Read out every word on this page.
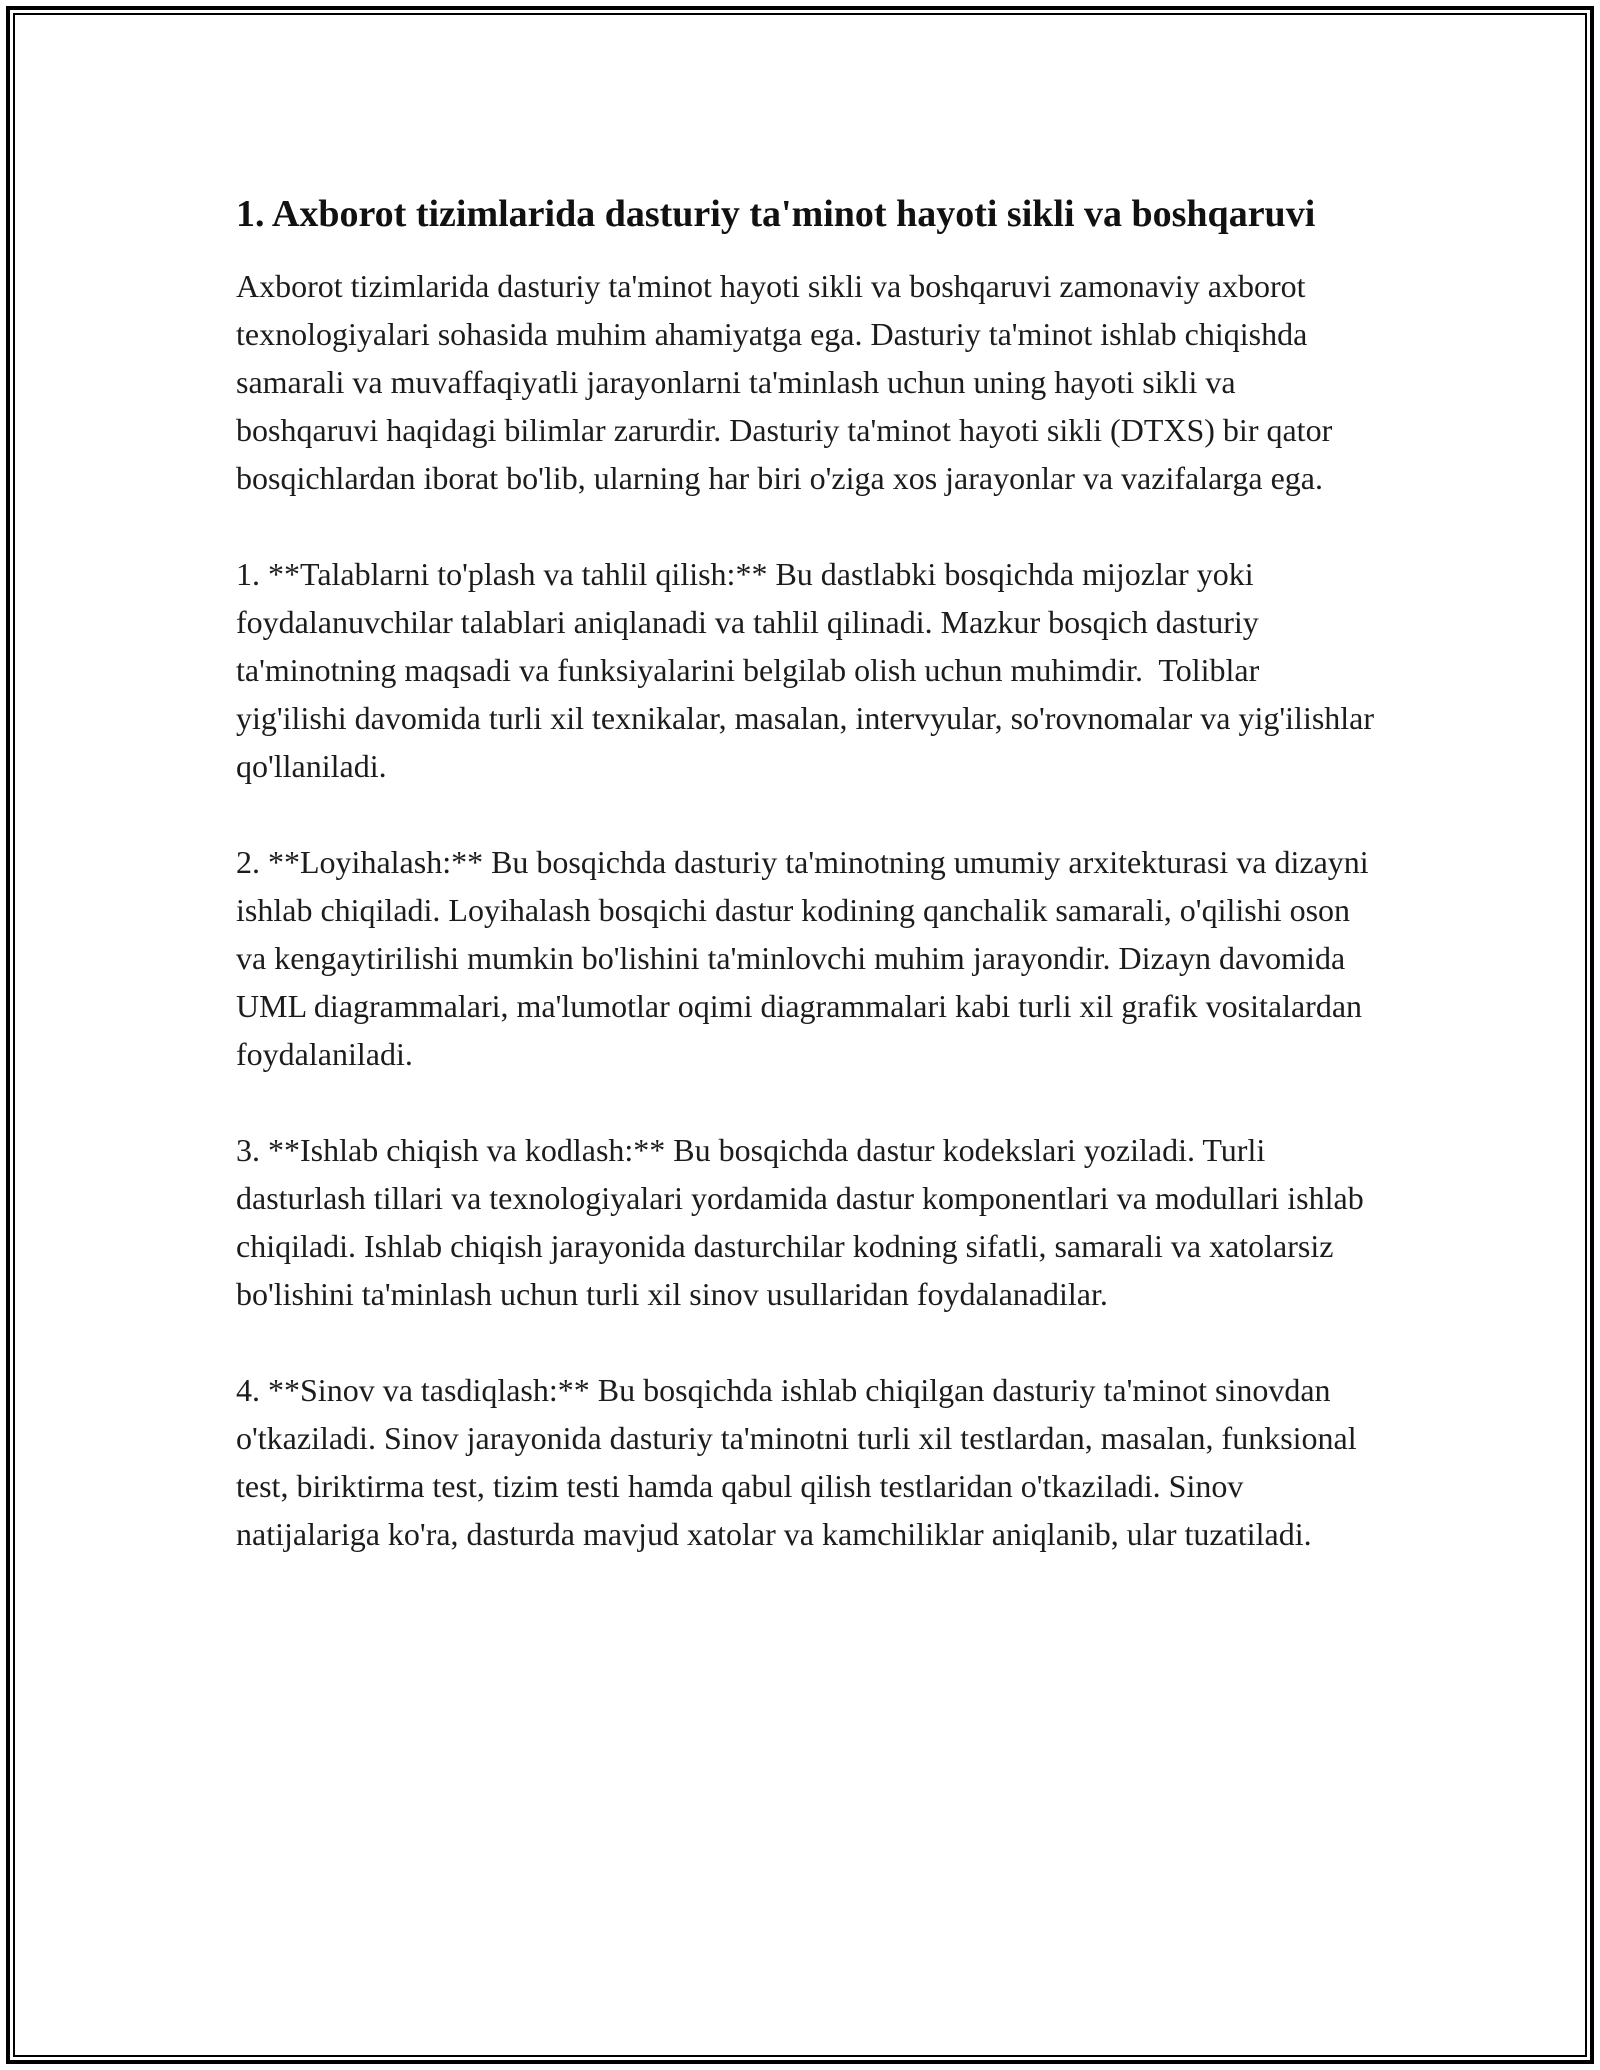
1. Axborot tizimlarida dasturiy ta'minot hayoti sikli va boshqaruvi

Axborot tizimlarida dasturiy ta'minot hayoti sikli va boshqaruvi zamonaviy axborot texnologiyalari sohasida muhim ahamiyatga ega. Dasturiy ta'minot ishlab chiqishda samarali va muvaffaqiyatli jarayonlarni ta'minlash uchun uning hayoti sikli va boshqaruvi haqidagi bilimlar zarurdir. Dasturiy ta'minot hayoti sikli (DTXS) bir qator bosqichlardan iborat bo'lib, ularning har biri o'ziga xos jarayonlar va vazifalarga ega.

1. **Talablarni to'plash va tahlil qilish:** Bu dastlabki bosqichda mijozlar yoki foydalanuvchilar talablari aniqlanadi va tahlil qilinadi. Mazkur bosqich dasturiy ta'minotning maqsadi va funksiyalarini belgilab olish uchun muhimdir.  Toliblar yig'ilishi davomida turli xil texnikalar, masalan, intervyular, so'rovnomalar va yig'ilishlar qo'llaniladi.

2. **Loyihalash:** Bu bosqichda dasturiy ta'minotning umumiy arxitekturasi va dizayni ishlab chiqiladi. Loyihalash bosqichi dastur kodining qanchalik samarali, o'qilishi oson va kengaytirilishi mumkin bo'lishini ta'minlovchi muhim jarayondir. Dizayn davomida UML diagrammalari, ma'lumotlar oqimi diagrammalari kabi turli xil grafik vositalardan foydalaniladi.

3. **Ishlab chiqish va kodlash:** Bu bosqichda dastur kodekslari yoziladi. Turli dasturlash tillari va texnologiyalari yordamida dastur komponentlari va modullari ishlab chiqiladi. Ishlab chiqish jarayonida dasturchilar kodning sifatli, samarali va xatolarsiz bo'lishini ta'minlash uchun turli xil sinov usullaridan foydalanadilar.

4. **Sinov va tasdiqlash:** Bu bosqichda ishlab chiqilgan dasturiy ta'minot sinovdan o'tkaziladi. Sinov jarayonida dasturiy ta'minotni turli xil testlardan, masalan, funksional test, biriktirma test, tizim testi hamda qabul qilish testlaridan o'tkaziladi. Sinov natijalariga ko'ra, dasturda mavjud xatolar va kamchiliklar aniqlanib, ular tuzatiladi.
